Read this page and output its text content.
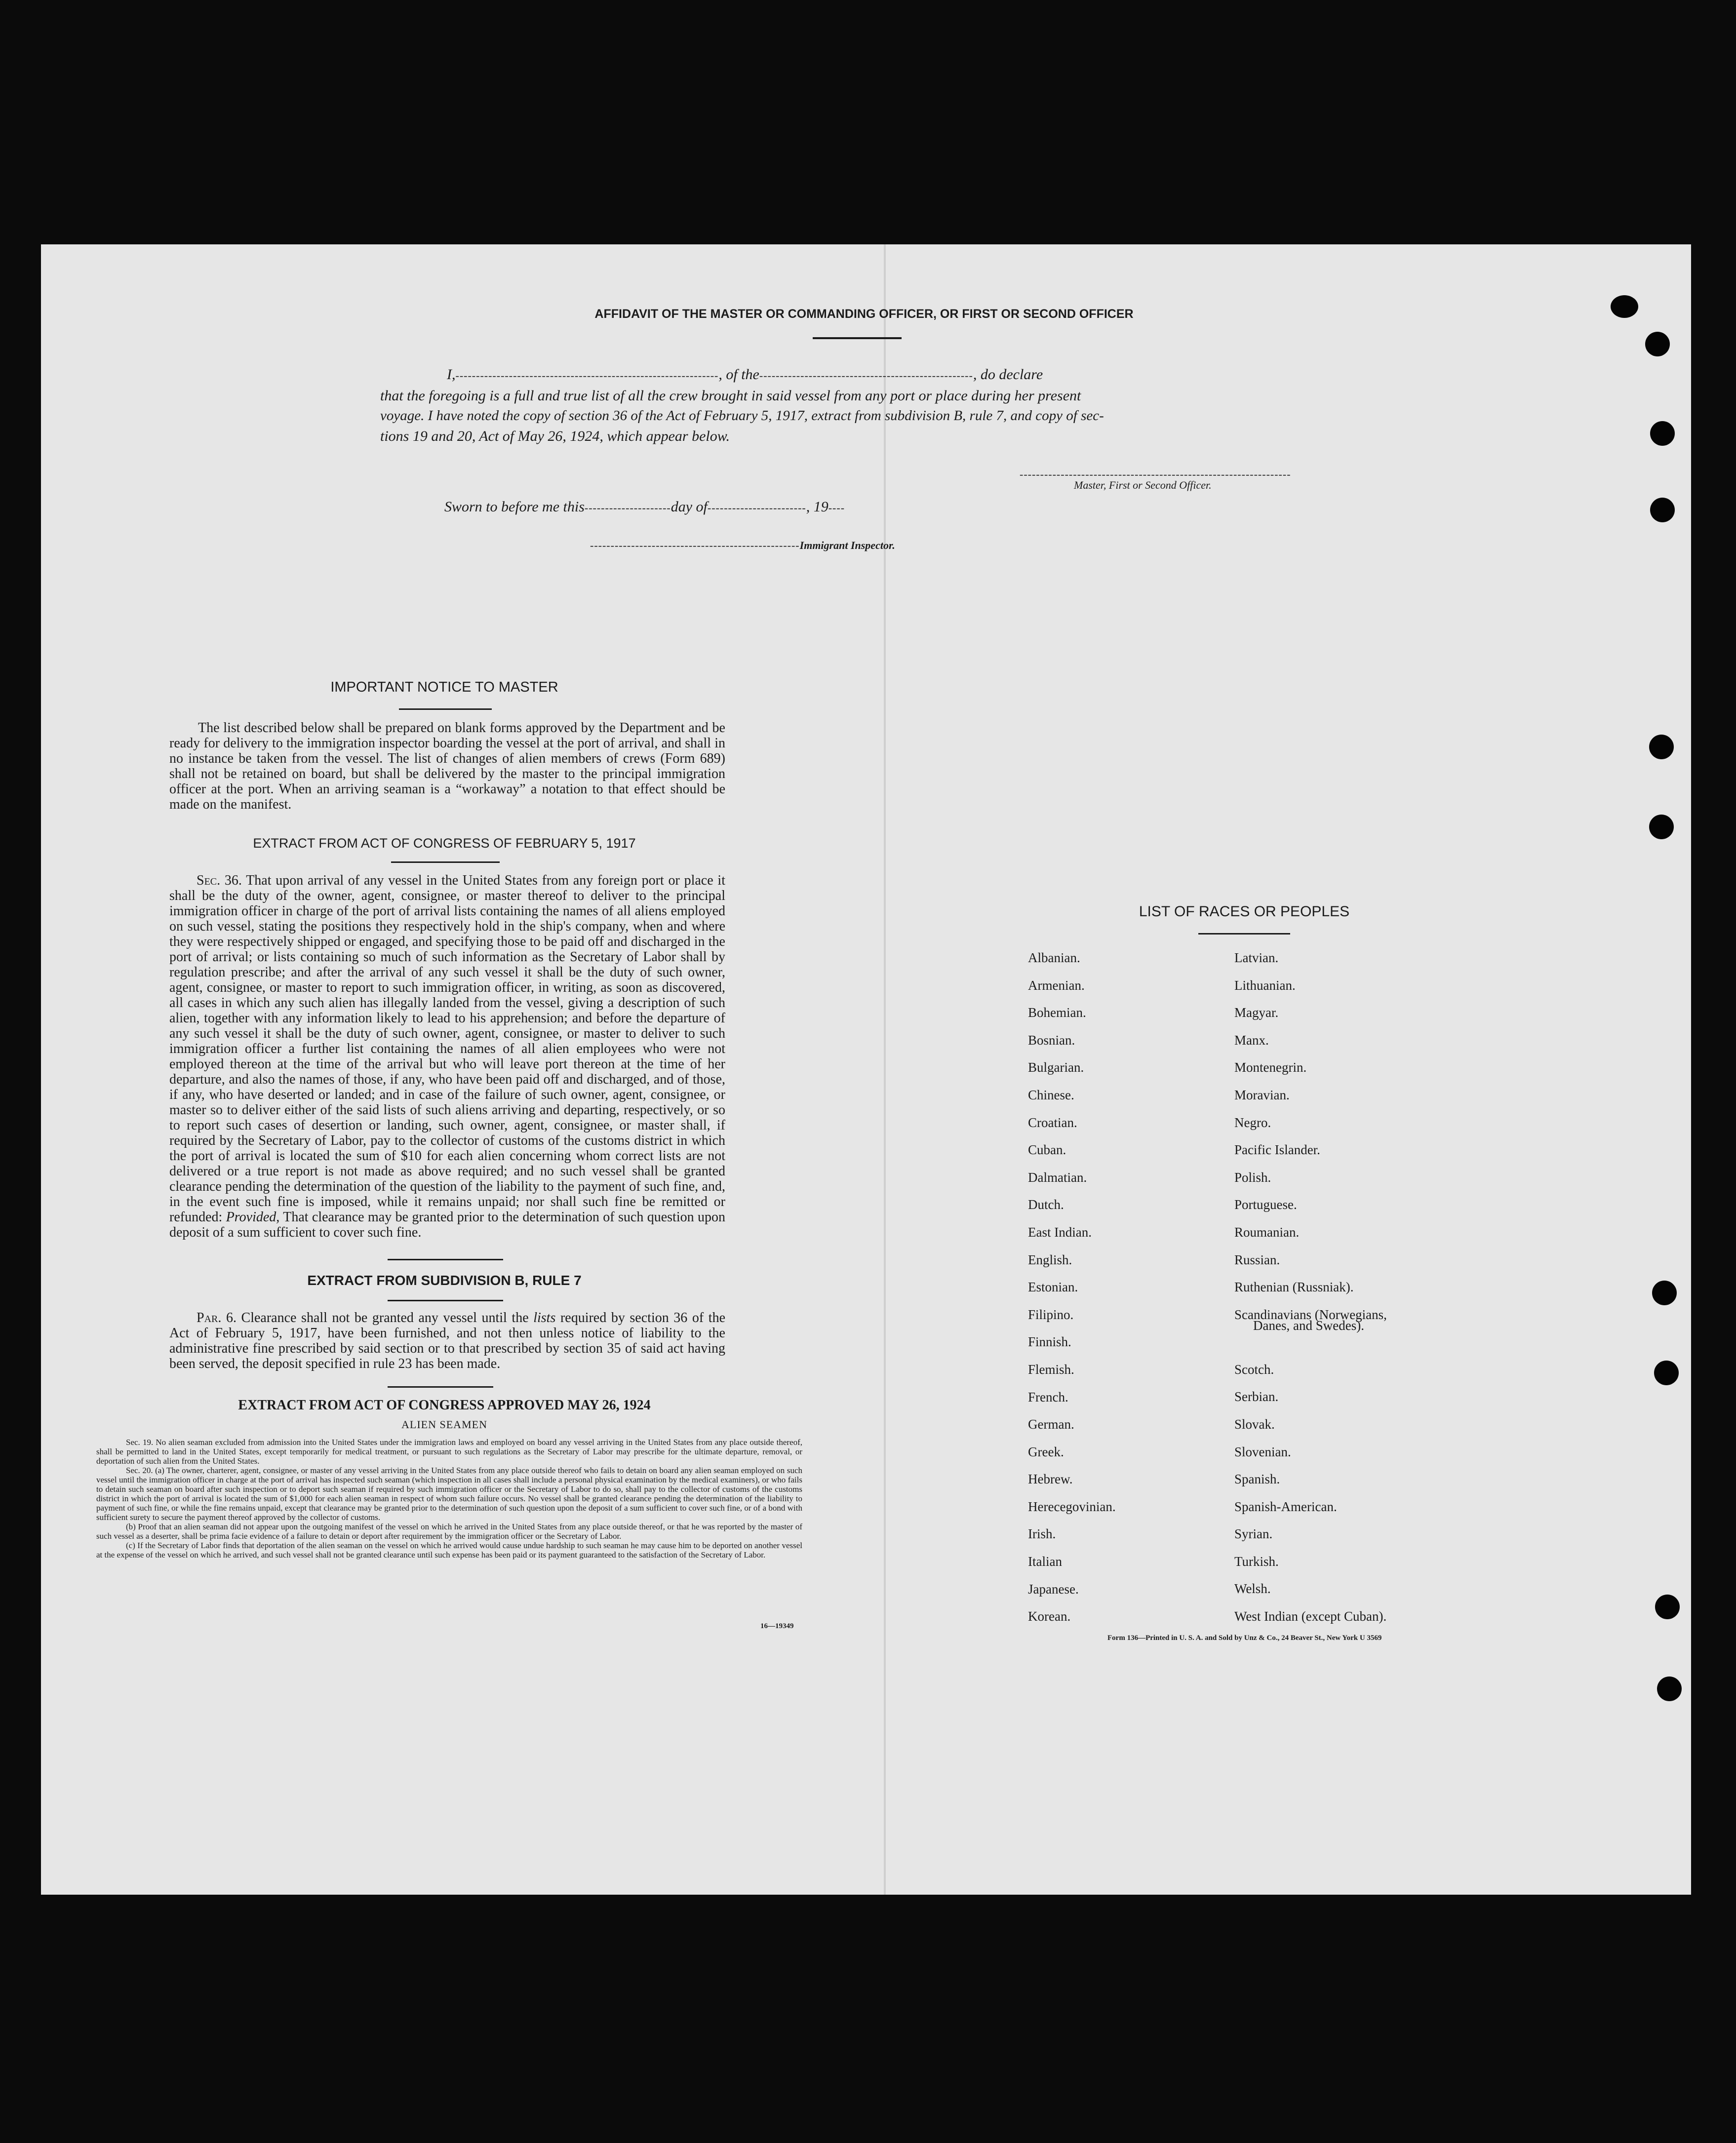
AFFIDAVIT OF THE MASTER OR COMMANDING OFFICER, OR FIRST OR SECOND OFFICER
I,----------------------------------------------------------------, of the----------------------------------------------------, do declare
that the foregoing is a full and true list of all the crew brought in said vessel from any port or place during her present
voyage. I have noted the copy of section 36 of the Act of February 5, 1917, extract from subdivision B, rule 7, and copy of sec-
tions 19 and 20, Act of May 26, 1924, which appear below.
------------------------------------------------------------------
Master, First or Second Officer.
Sworn to before me this---------------------day of------------------------, 19----
---------------------------------------------------Immigrant Inspector.
IMPORTANT NOTICE TO MASTER
The list described below shall be prepared on blank forms approved by the Department and be ready for delivery to the immigration inspector boarding the vessel at the port of arrival, and shall in no instance be taken from the vessel. The list of changes of alien members of crews (Form 689) shall not be retained on board, but shall be delivered by the master to the principal immigration officer at the port. When an arriving seaman is a “workaway” a notation to that effect should be made on the manifest.
EXTRACT FROM ACT OF CONGRESS OF FEBRUARY 5, 1917
Sec. 36. That upon arrival of any vessel in the United States from any foreign port or place it shall be the duty of the owner, agent, consignee, or master thereof to deliver to the principal immigration officer in charge of the port of arrival lists containing the names of all aliens employed on such vessel, stating the positions they respectively hold in the ship's company, when and where they were respectively shipped or engaged, and specifying those to be paid off and discharged in the port of arrival; or lists containing so much of such information as the Secretary of Labor shall by regulation prescribe; and after the arrival of any such vessel it shall be the duty of such owner, agent, consignee, or master to report to such immigration officer, in writing, as soon as discovered, all cases in which any such alien has illegally landed from the vessel, giving a description of such alien, together with any information likely to lead to his apprehension; and before the departure of any such vessel it shall be the duty of such owner, agent, consignee, or master to deliver to such immigration officer a further list containing the names of all alien employees who were not employed thereon at the time of the arrival but who will leave port thereon at the time of her departure, and also the names of those, if any, who have been paid off and discharged, and of those, if any, who have deserted or landed; and in case of the failure of such owner, agent, consignee, or master so to deliver either of the said lists of such aliens arriving and departing, respectively, or so to report such cases of desertion or landing, such owner, agent, consignee, or master shall, if required by the Secretary of Labor, pay to the collector of customs of the customs district in which the port of arrival is located the sum of $10 for each alien concerning whom correct lists are not delivered or a true report is not made as above required; and no such vessel shall be granted clearance pending the determination of the question of the liability to the payment of such fine, and, in the event such fine is imposed, while it remains unpaid; nor shall such fine be remitted or refunded: Provided, That clearance may be granted prior to the determination of such question upon deposit of a sum sufficient to cover such fine.
EXTRACT FROM SUBDIVISION B, RULE 7
Par. 6. Clearance shall not be granted any vessel until the lists required by section 36 of the Act of February 5, 1917, have been furnished, and not then unless notice of liability to the administrative fine prescribed by said section or to that prescribed by section 35 of said act having been served, the deposit specified in rule 23 has been made.
EXTRACT FROM ACT OF CONGRESS APPROVED MAY 26, 1924
ALIEN SEAMEN
Sec. 19. No alien seaman excluded from admission into the United States under the immigration laws and employed on board any vessel arriving in the United States from any place outside thereof, shall be permitted to land in the United States, except temporarily for medical treatment, or pursuant to such regulations as the Secretary of Labor may prescribe for the ultimate departure, removal, or deportation of such alien from the United States.
Sec. 20. (a) The owner, charterer, agent, consignee, or master of any vessel arriving in the United States from any place outside thereof who fails to detain on board any alien seaman employed on such vessel until the immigration officer in charge at the port of arrival has inspected such seaman (which inspection in all cases shall include a personal physical examination by the medical examiners), or who fails to detain such seaman on board after such inspection or to deport such seaman if required by such immigration officer or the Secretary of Labor to do so, shall pay to the collector of customs of the customs district in which the port of arrival is located the sum of $1,000 for each alien seaman in respect of whom such failure occurs. No vessel shall be granted clearance pending the determination of the liability to payment of such fine, or while the fine remains unpaid, except that clearance may be granted prior to the determination of such question upon the deposit of a sum sufficient to cover such fine, or of a bond with sufficient surety to secure the payment thereof approved by the collector of customs.
(b) Proof that an alien seaman did not appear upon the outgoing manifest of the vessel on which he arrived in the United States from any place outside thereof, or that he was reported by the master of such vessel as a deserter, shall be prima facie evidence of a failure to detain or deport after requirement by the immigration officer or the Secretary of Labor.
(c) If the Secretary of Labor finds that deportation of the alien seaman on the vessel on which he arrived would cause undue hardship to such seaman he may cause him to be deported on another vessel at the expense of the vessel on which he arrived, and such vessel shall not be granted clearance until such expense has been paid or its payment guaranteed to the satisfaction of the Secretary of Labor.
16—19349
LIST OF RACES OR PEOPLES
Albanian.
Armenian.
Bohemian.
Bosnian.
Bulgarian.
Chinese.
Croatian.
Cuban.
Dalmatian.
Dutch.
East Indian.
English.
Estonian.
Filipino.
Finnish.
Flemish.
French.
German.
Greek.
Hebrew.
Herecegovinian.
Irish.
Italian
Japanese.
Korean.
Latvian.
Lithuanian.
Magyar.
Manx.
Montenegrin.
Moravian.
Negro.
Pacific Islander.
Polish.
Portuguese.
Roumanian.
Russian.
Ruthenian (Russniak).
Scandinavians (Norwegians,
Danes, and Swedes).
Scotch.
Serbian.
Slovak.
Slovenian.
Spanish.
Spanish-American.
Syrian.
Turkish.
Welsh.
West Indian (except Cuban).
Form 136—Printed in U. S. A. and Sold by Unz & Co., 24 Beaver St., New York U 3569
